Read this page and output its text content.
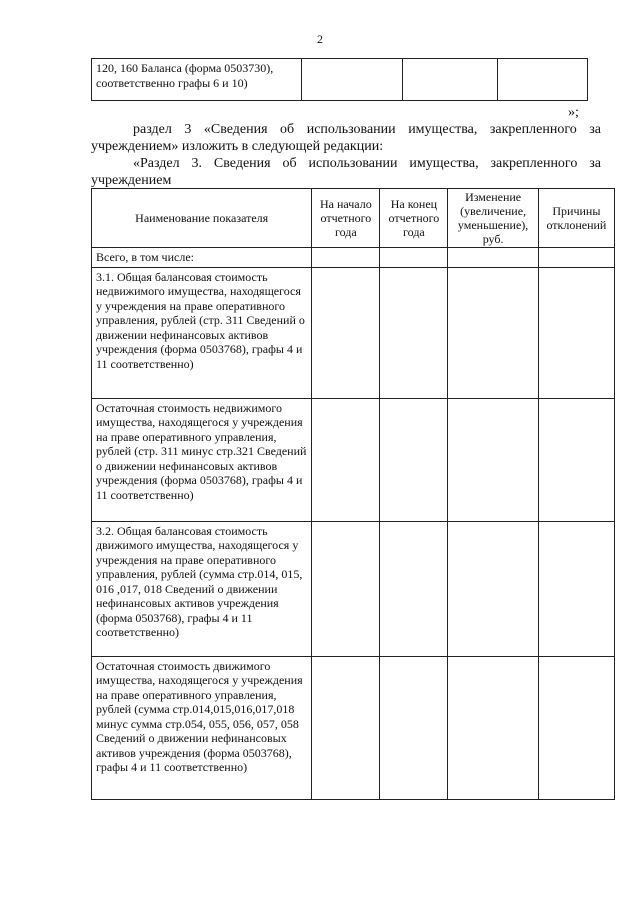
2
120, 160 Баланса (форма 0503730), соответственно графы 6 и 10)			
»;
раздел 3 «Сведения об использовании имущества, закрепленного за учреждением» изложить в следующей редакции:
«Раздел 3. Сведения об использовании имущества, закрепленного за учреждением
Наименование показателя	На начало отчетного года	На конец отчетного года	Изменение (увеличение, уменьшение), руб.	Причины отклонений
Всего, в том числе:				
3.1. Общая балансовая стоимость недвижимого имущества, находящегося у учреждения на праве оперативного управления, рублей (стр. 311 Сведений о движении нефинансовых активов учреждения (форма 0503768), графы 4 и 11 соответственно)				
Остаточная стоимость недвижимого имущества, находящегося у учреждения на праве оперативного управления, рублей (стр. 311 минус стр.321 Сведений о движении нефинансовых активов учреждения (форма 0503768), графы 4 и 11 соответственно)				
3.2. Общая балансовая стоимость движимого имущества, находящегося у учреждения на праве оперативного управления, рублей (сумма стр.014, 015, 016 ,017, 018 Сведений о движении нефинансовых активов учреждения (форма 0503768), графы 4 и 11 соответственно)				
Остаточная стоимость движимого имущества, находящегося у учреждения на праве оперативного управления, рублей (сумма стр.014,015,016,017,018 минус сумма стр.054, 055, 056, 057, 058 Сведений о движении нефинансовых активов учреждения (форма 0503768), графы 4 и 11 соответственно)				
